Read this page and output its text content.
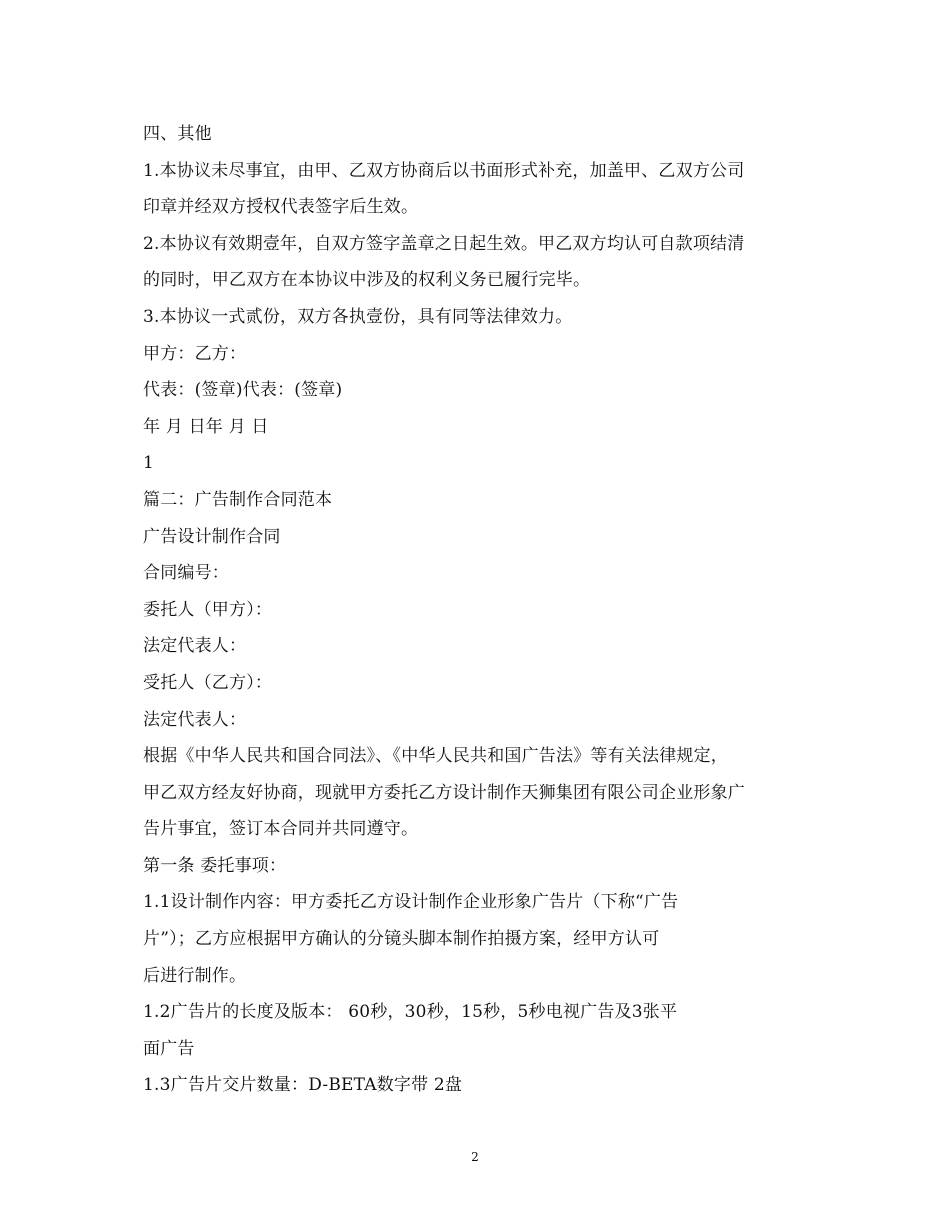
四、其他
1.本协议未尽事宜，由甲、乙双方协商后以书面形式补充，加盖甲、乙双方公司
印章并经双方授权代表签字后生效。
2.本协议有效期壹年，自双方签字盖章之日起生效。甲乙双方均认可自款项结清
的同时，甲乙双方在本协议中涉及的权利义务已履行完毕。
3.本协议一式贰份，双方各执壹份，具有同等法律效力。
甲方：乙方：
代表：(签章)代表：(签章)
年 月 日年 月 日
1
篇二：广告制作合同范本
广告设计制作合同
合同编号：
委托人（甲方）：
法定代表人：
受托人（乙方）：
法定代表人：
根据《中华人民共和国合同法》、《中华人民共和国广告法》等有关法律规定，
甲乙双方经友好协商，现就甲方委托乙方设计制作天狮集团有限公司企业形象广
告片事宜，签订本合同并共同遵守。
第一条 委托事项：
1.1设计制作内容：甲方委托乙方设计制作企业形象广告片（下称“广告
片”）；乙方应根据甲方确认的分镜头脚本制作拍摄方案，经甲方认可
后进行制作。
1.2广告片的长度及版本： 60秒，30秒，15秒，5秒电视广告及3张平
面广告
1.3广告片交片数量：D-BETA数字带 2盘
2
